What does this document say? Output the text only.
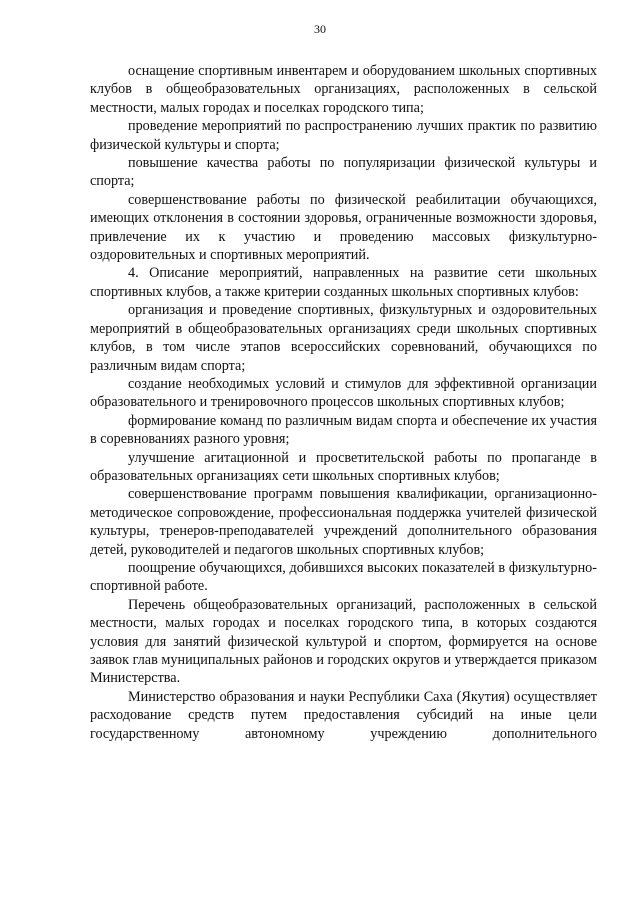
30

оснащение спортивным инвентарем и оборудованием школьных спортивных клубов в общеобразовательных организациях, расположенных в сельской местности, малых городах и поселках городского типа;

проведение мероприятий по распространению лучших практик по развитию физической культуры и спорта;

повышение качества работы по популяризации физической культуры и спорта;

совершенствование работы по физической реабилитации обучающихся, имеющих отклонения в состоянии здоровья, ограниченные возможности здоровья, привлечение их к участию и проведению массовых физкультурно-оздоровительных и спортивных мероприятий.

4. Описание мероприятий, направленных на развитие сети школьных спортивных клубов, а также критерии созданных школьных спортивных клубов:

организация и проведение спортивных, физкультурных и оздоровительных мероприятий в общеобразовательных организациях среди школьных спортивных клубов, в том числе этапов всероссийских соревнований, обучающихся по различным видам спорта;

создание необходимых условий и стимулов для эффективной организации образовательного и тренировочного процессов школьных спортивных клубов;

формирование команд по различным видам спорта и обеспечение их участия в соревнованиях разного уровня;

улучшение агитационной и просветительской работы по пропаганде в образовательных организациях сети школьных спортивных клубов;

совершенствование программ повышения квалификации, организационно-методическое сопровождение, профессиональная поддержка учителей физической культуры, тренеров-преподавателей учреждений дополнительного образования детей, руководителей и педагогов школьных спортивных клубов;

поощрение обучающихся, добившихся высоких показателей в физкультурно-спортивной работе.

Перечень общеобразовательных организаций, расположенных в сельской местности, малых городах и поселках городского типа, в которых создаются условия для занятий физической культурой и спортом, формируется на основе заявок глав муниципальных районов и городских округов и утверждается приказом Министерства.

Министерство образования и науки Республики Саха (Якутия) осуществляет расходование средств путем предоставления субсидий на иные цели государственному автономному учреждению дополнительного
